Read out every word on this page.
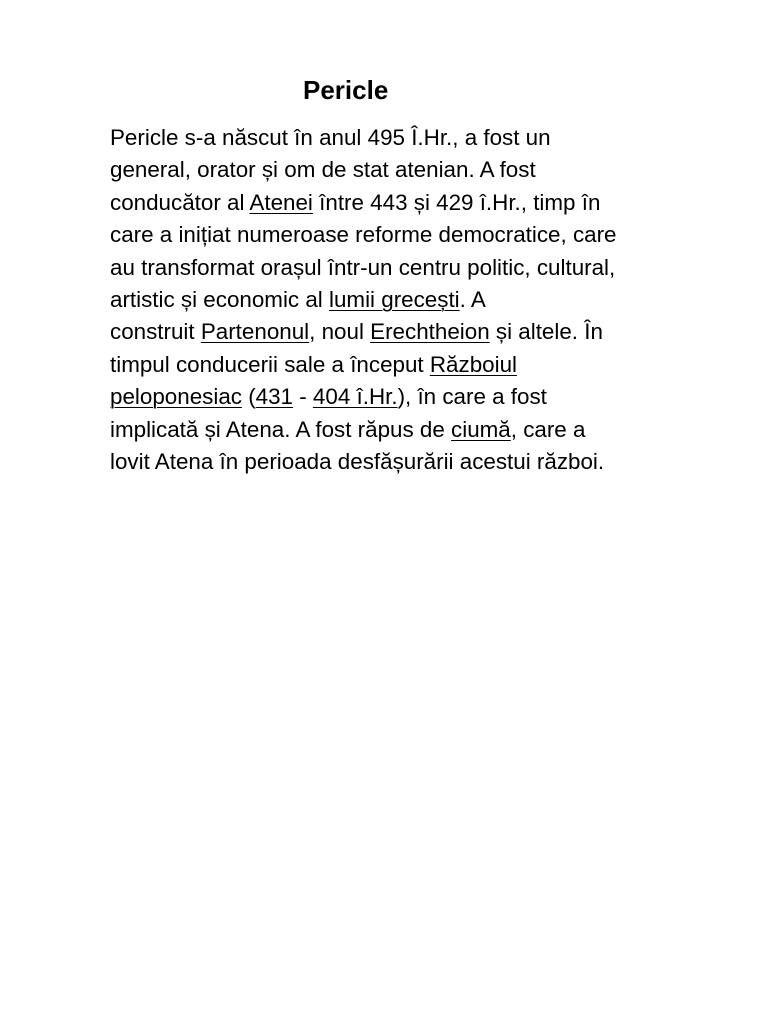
Pericle
Pericle s-a născut în anul 495 Î.Hr., a fost un
general, orator și om de stat atenian. A fost
conducător al Atenei între 443 și 429 î.Hr., timp în
care a inițiat numeroase reforme democratice, care
au transformat orașul într-un centru politic, cultural,
artistic și economic al lumii grecești. A
construit Partenonul, noul Erechtheion și altele. În
timpul conducerii sale a început Războiul
peloponesiac (431 - 404 î.Hr.), în care a fost
implicată și Atena. A fost răpus de ciumă, care a
lovit Atena în perioada desfășurării acestui război.
